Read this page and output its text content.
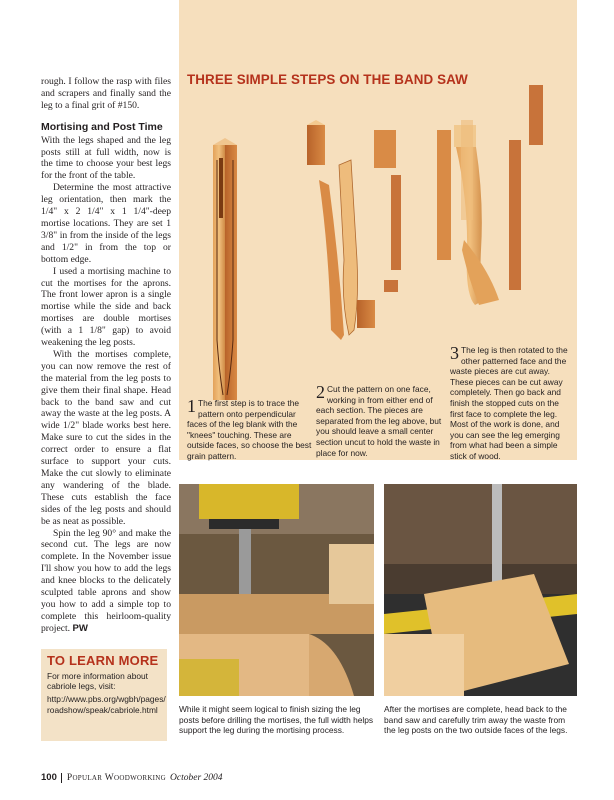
rough. I follow the rasp with files and scrapers and finally sand the leg to a final grit of #150.

Mortising and Post Time

With the legs shaped and the leg posts still at full width, now is the time to choose your best legs for the front of the table.

Determine the most attractive leg orientation, then mark the 1/4" x 2 1/4" x 1 1/4"-deep mortise locations. They are set 1 3/8" in from the inside of the legs and 1/2" in from the top or bottom edge.

I used a mortising machine to cut the mortises for the aprons. The front lower apron is a single mortise while the side and back mortises are double mortises (with a 1 1/8" gap) to avoid weakening the leg posts.

With the mortises complete, you can now remove the rest of the material from the leg posts to give them their final shape. Head back to the band saw and cut away the waste at the leg posts. A wide 1/2" blade works best here. Make sure to cut the sides in the correct order to ensure a flat surface to support your cuts. Make the cut slowly to eliminate any wandering of the blade. These cuts establish the face sides of the leg posts and should be as neat as possible.

Spin the leg 90° and make the second cut. The legs are now complete. In the November issue I'll show you how to add the legs and knee blocks to the delicately sculpted table aprons and show you how to add a simple top to complete this heirloom-quality project. PW

TO LEARN MORE

For more information about cabriole legs, visit:

http://www.pbs.org/wgbh/pages/roadshow/speak/cabriole.html

THREE SIMPLE STEPS ON THE BAND SAW
1 The first step is to trace the pattern onto perpendicular faces of the leg blank with the "knees" touching. These are outside faces, so choose the best grain pattern.
2 Cut the pattern on one face, working in from either end of each section. The pieces are separated from the leg above, but you should leave a small center section uncut to hold the waste in place for now.
3 The leg is then rotated to the other patterned face and the waste pieces are cut away. These pieces can be cut away completely. Then go back and finish the stopped cuts on the first face to complete the leg. Most of the work is done, and you can see the leg emerging from what had been a simple stick of wood.
While it might seem logical to finish sizing the leg posts before drilling the mortises, the full width helps support the leg during the mortising process.
After the mortises are complete, head back to the band saw and carefully trim away the waste from the leg posts on the two outside faces of the legs.
100 Popular Woodworking October 2004
